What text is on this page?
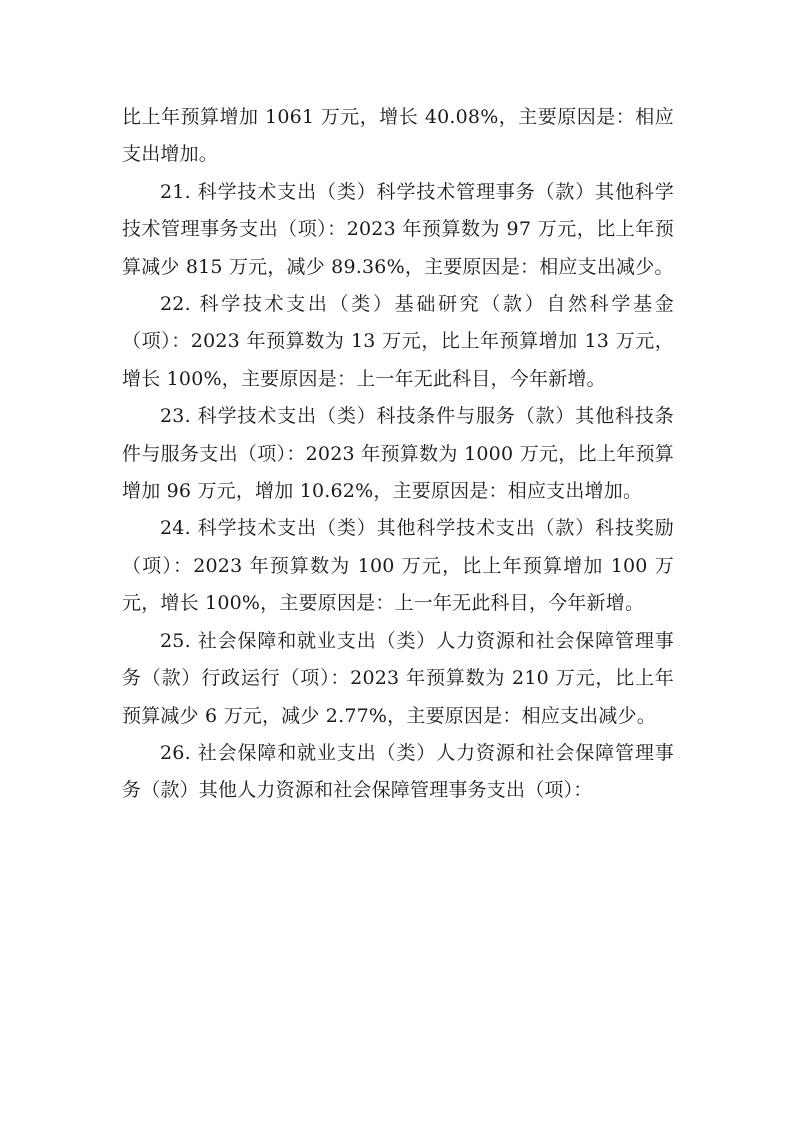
比上年预算增加 1061 万元，增长 40.08%，主要原因是：相应支出增加。

21. 科学技术支出（类）科学技术管理事务（款）其他科学技术管理事务支出（项）：2023 年预算数为 97 万元，比上年预算减少 815 万元，减少 89.36%，主要原因是：相应支出减少。

22. 科学技术支出（类）基础研究（款）自然科学基金（项）：2023 年预算数为 13 万元，比上年预算增加 13 万元，增长 100%，主要原因是：上一年无此科目，今年新增。

23. 科学技术支出（类）科技条件与服务（款）其他科技条件与服务支出（项）：2023 年预算数为 1000 万元，比上年预算增加 96 万元，增加 10.62%，主要原因是：相应支出增加。

24. 科学技术支出（类）其他科学技术支出（款）科技奖励（项）：2023 年预算数为 100 万元，比上年预算增加 100 万元，增长 100%，主要原因是：上一年无此科目，今年新增。

25. 社会保障和就业支出（类）人力资源和社会保障管理事务（款）行政运行（项）：2023 年预算数为 210 万元，比上年预算减少 6 万元，减少 2.77%，主要原因是：相应支出减少。

26. 社会保障和就业支出（类）人力资源和社会保障管理事务（款）其他人力资源和社会保障管理事务支出（项）：
